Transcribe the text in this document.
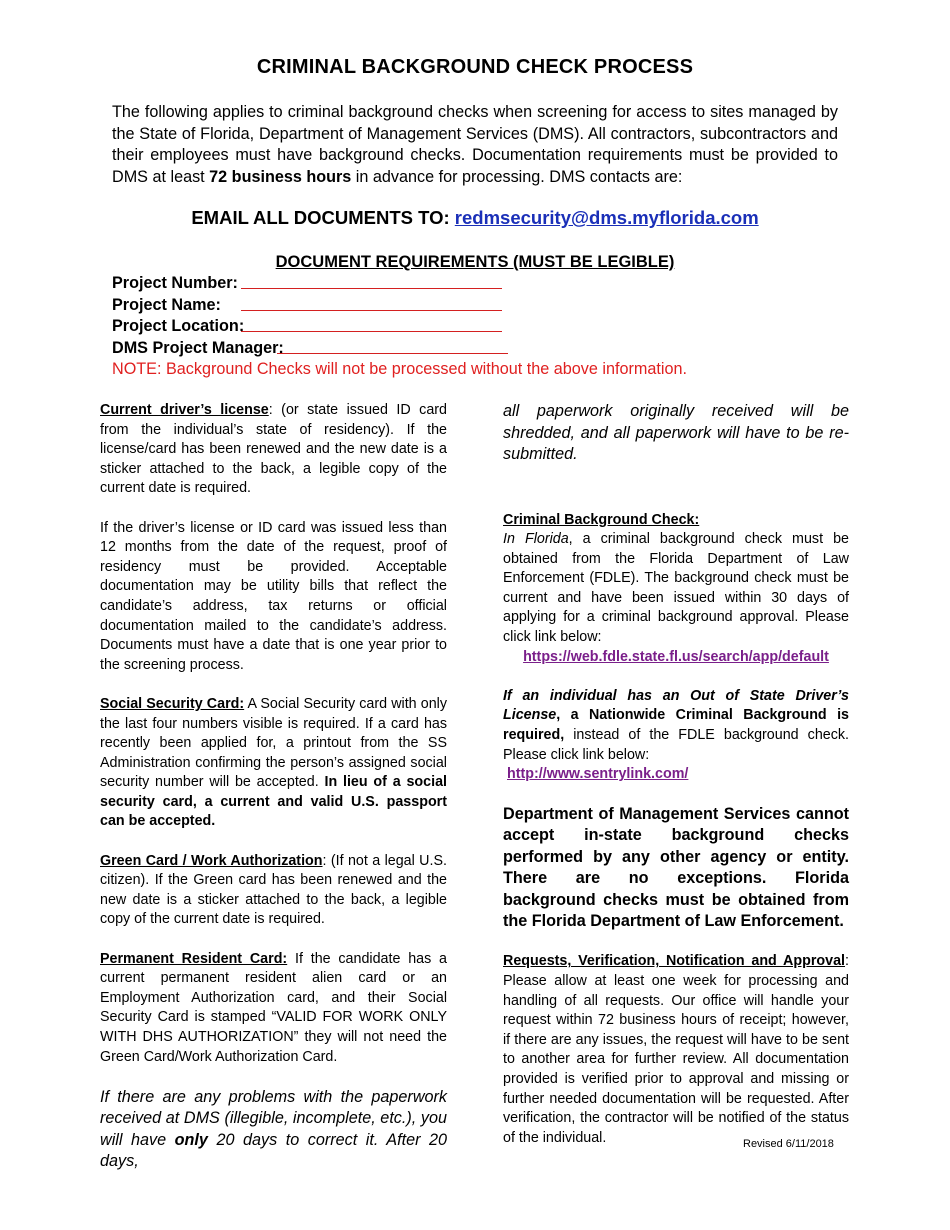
CRIMINAL BACKGROUND CHECK PROCESS
The following applies to criminal background checks when screening for access to sites managed by the State of Florida, Department of Management Services (DMS). All contractors, subcontractors and their employees must have background checks. Documentation requirements must be provided to DMS at least 72 business hours in advance for processing. DMS contacts are:
EMAIL ALL DOCUMENTS TO: redmsecurity@dms.myflorida.com
DOCUMENT REQUIREMENTS (MUST BE LEGIBLE)
Project Number:
Project Name:
Project Location:
DMS Project Manager:
NOTE: Background Checks will not be processed without the above information.

Current driver’s license: (or state issued ID card from the individual’s state of residency). If the license/card has been renewed and the new date is a sticker attached to the back, a legible copy of the current date is required.

If the driver’s license or ID card was issued less than 12 months from the date of the request, proof of residency must be provided. Acceptable documentation may be utility bills that reflect the candidate’s address, tax returns or official documentation mailed to the candidate’s address. Documents must have a date that is one year prior to the screening process.

Social Security Card: A Social Security card with only the last four numbers visible is required. If a card has recently been applied for, a printout from the SS Administration confirming the person’s assigned social security number will be accepted. In lieu of a social security card, a current and valid U.S. passport can be accepted.

Green Card / Work Authorization: (If not a legal U.S. citizen). If the Green card has been renewed and the new date is a sticker attached to the back, a legible copy of the current date is required.

Permanent Resident Card: If the candidate has a current permanent resident alien card or an Employment Authorization card, and their Social Security Card is stamped “VALID FOR WORK ONLY WITH DHS AUTHORIZATION” they will not need the Green Card/Work Authorization Card.

If there are any problems with the paperwork received at DMS (illegible, incomplete, etc.), you will have only 20 days to correct it. After 20 days,

all paperwork originally received will be shredded, and all paperwork will have to be re-submitted.

Criminal Background Check:
In Florida, a criminal background check must be obtained from the Florida Department of Law Enforcement (FDLE). The background check must be current and have been issued within 30 days of applying for a criminal background approval. Please click link below:

https://web.fdle.state.fl.us/search/app/default

If an individual has an Out of State Driver’s License, a Nationwide Criminal Background is required, instead of the FDLE background check. Please click link below:

http://www.sentrylink.com/

Department of Management Services cannot accept in-state background checks performed by any other agency or entity. There are no exceptions. Florida background checks must be obtained from the Florida Department of Law Enforcement.

Requests, Verification, Notification and Approval: Please allow at least one week for processing and handling of all requests. Our office will handle your request within 72 business hours of receipt; however, if there are any issues, the request will have to be sent to another area for further review. All documentation provided is verified prior to approval and missing or further needed documentation will be requested. After verification, the contractor will be notified of the status of the individual.	Revised 6/11/2018
